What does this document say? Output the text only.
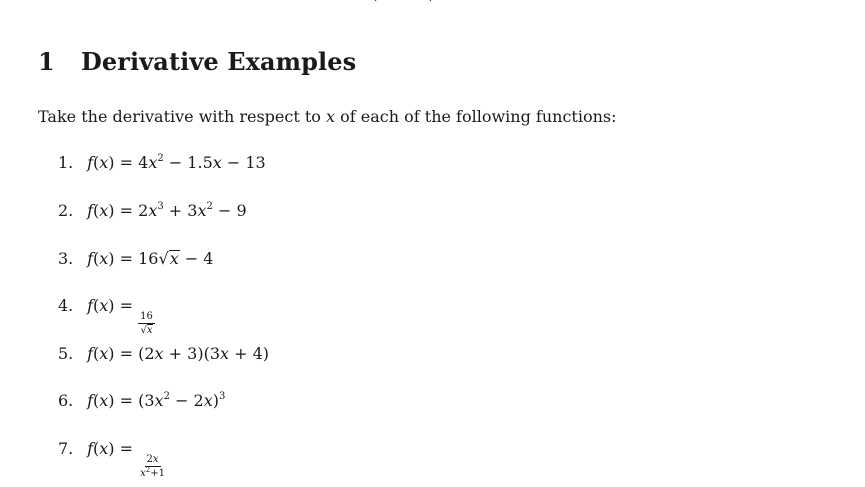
1 Derivative Examples
Take the derivative with respect to x of each of the following functions:
1. $f(x) = 4x^2 - 1.5x - 13$
2. $f(x) = 2x^3 + 3x^2 - 9$
3. f(x) = 16√x − 4
4. f(x) =
$\frac{16}{√x}$
5. f(x) = (2x + 3)(3x + 4)
6. $f(x) = (3x^2 - 2x)^3$
7. f(x) =
$\frac{2x}{x^2+1}$
